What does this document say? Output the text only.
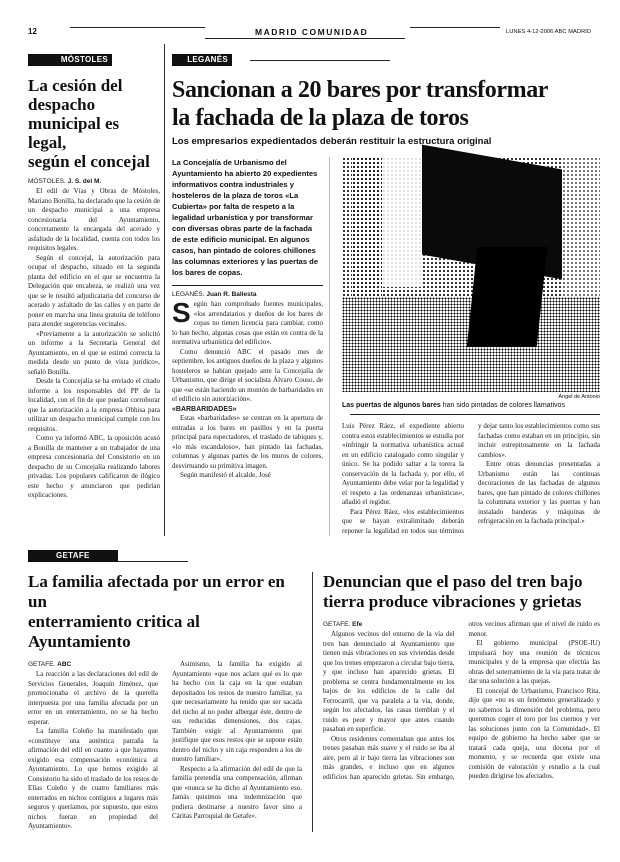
12	MADRID COMUNIDAD	LUNES 4-12-2006 ABC MADRID
MÓSTOLES
La cesión del
despacho
municipal es legal,
según el concejal
MÓSTOLES. J. S. del M.

El edil de Vías y Obras de Móstoles, Mariano Bonilla, ha declarado que la cesión de un despacho municipal a una empresa concesionaria del Ayuntamiento, concretamente la encargada del acerado y asfaltado de la localidad, cuenta con todos los requisitos legales.

Según el concejal, la autorización para ocupar el despacho, situado en la segunda planta del edificio en el que se encuentra la Delegación que encabeza, se realizó una vez que se le resultó adjudicataria del concurso de acerado y asfaltado de las calles y en parte de poner en marcha una línea gratuita de teléfono para atender sugerencias vecinales.

«Previamente a la autorización se solicitó un informe a la Secretaría General del Ayuntamiento, en el que se estimó correcta la medida desde un punto de vista jurídico», señaló Bonilla.

Desde la Concejalía se ha enviado el citado informe a los responsables del PP de la localidad, con el fin de que puedan corroborar que la autorización a la empresa Obhisa para utilizar un despacho municipal cumple con los requisitos.

Como ya informó ABC, la oposición acusó a Bonilla de mantener a un trabajador de una empresa concesionaria del Consistorio en un despacho de su Concejalía realizando labores privadas. Los populares calificaron de ilógico este hecho y anunciaron que pedirían explicaciones.

LEGANÉS
Sancionan a 20 bares por transformar
la fachada de la plaza de toros
Los empresarios expedientados deberán restituir la estructura original
La Concejalía de Urbanismo del Ayuntamiento ha abierto 20 expedientes informativos contra industriales y hosteleros de la plaza de toros «La Cubierta» por falta de respeto a la legalidad urbanística y por transformar con diversas obras parte de la fachada de este edificio municipal. En algunos casos, han pintado de colores chillones las columnas exteriores y las puertas de los bares de copas.
LEGANÉS. Juan R. Ballesta

Según han comprobado fuentes municipales, «los arrendatarios y dueños de los bares de copas no tienen licencia para cambiar, como lo han hecho, algunas cosas que están en contra de la normativa urbanística del edificio».

Como denunció ABC el pasado mes de septiembre, los antiguos dueños de la plaza y algunos hosteleros se habían quejado ante la Concejalía de Urbanismo, que dirige el socialista Álvaro Couso, de que «se están haciendo un montón de barbaridades en el edificio sin autorización».

«BARBARIDADES»

Estas «barbaridades» se centran en la apertura de entradas a los bares en pasillos y en la puerta principal para espectadores, el traslado de tabiques y, «lo más escandaloso», han pintado las fachadas, columnas y algunas partes de los muros de colores, desvirtuando su primitiva imagen.

Según manifestó el alcalde, José

Ángel de Antonio
Las puertas de algunos bares han sido pintadas de colores llamativos

Luis Pérez Ráez, el expediente abierto contra estos establecimientos se estudia por «infringir la normativa urbanística actual en un edificio catalogado como singular y único. Se ha podido saltar a la torera la conservación de la fachada y, por ello, el Ayuntamiento debe velar por la legalidad y el respeto a las ordenanzas urbanísticas», añadió el regidor.

Para Pérez Ráez, «los establecimientos que se hayan extralimitado deberán reponer la legalidad en todos sus términos y dejar tanto los establecimientos como sus fachadas como estaban en un principio, sin incluir estrepitosamente en la fachada cambios».

Entre otras denuncias presentadas a Urbanismo están las continuas decoraciones de las fachadas de algunos bares, que han pintado de colores chillones la columnata exterior y las puertas y han instalado banderas y máquinas de refrigeración en la fachada principal.»

GETAFE
La familia afectada por un error en un
enterramiento critica al Ayuntamiento
GETAFE. ABC

La reacción a las declaraciones del edil de Servicios Generales, Joaquín Jiménez, que promocionaba el archivo de la querella interpuesta por una familia afectada por un error en un enterramiento, no se ha hecho esperar.

La familia Coleño ha manifestado que «constituye una auténtica patraña la afirmación del edil en cuanto a que hayamos exigido esa compensación económica al Ayuntamiento. Lo que hemos exigido al Consistorio ha sido el traslado de los restos de Elías Coleño y de cuatro familiares más enterrados en nichos contiguos a lugares más seguros y queríamos, por supuesto, que estos nichos fueran en propiedad del Ayuntamiento».

Asimismo, la familia ha exigido al Ayuntamiento «que nos aclare qué es lo que ha hecho con la caja en la que estaban depositados los restos de nuestro familiar, ya que necesariamente ha tenido que ser sacada del nicho al no poder albergar éste, dentro de sus reducidas dimensiones, dos cajas. También exigir al Ayuntamiento que justifique que esos restos que se supone están dentro del nicho y sin caja responden a los de nuestro familiar».

Respecto a la afirmación del edil de que la familia pretendía una compensación, afirman que «nunca se ha dicho al Ayuntamiento eso. Jamás quisimos una indemnización que pudiera destinarse a nuestro favor sino a Cáritas Parroquial de Getafe».

Denuncian que el paso del tren bajo
tierra produce vibraciones y grietas
GETAFE. Efe

Algunos vecinos del entorno de la vía del tren han denunciado al Ayuntamiento que tienen más vibraciones en sus viviendas desde que los trenes empezaron a circular bajo tierra, y que incluso han aparecido grietas. El problema se centra fundamentalmente en los bajos de los edificios de la calle del Ferrocarril, que va paralela a la vía, donde, según los afectados, las casas tiemblan y el ruido es peor y mayor que antes cuando pasaban en superficie.

Otros residentes comentaban que antes los trenes pasaban más suave y el ruido se iba al aire, pero al ir bajo tierra las vibraciones son más grandes, e incluso que en algunos edificios han aparecido grietas. Sin embargo, otros vecinos afirman que el nivel de ruido es menor.

El gobierno municipal (PSOE-IU) impulsará hoy una reunión de técnicos municipales y de la empresa que efectúa las obras del soterramiento de la vía para tratar de dar una solución a las quejas.

El concejal de Urbanismo, Francisco Rita, dijo que «no es un fenómeno generalizado y no sabemos la dimensión del problema, pero queremos coger el toro por los cuernos y ver las soluciones junto con la Comunidad». El equipo de gobierno ha hecho saber que se tratará cada queja, una docena por el momento, y se recuerda que existe una comisión de valoración y estudio a la cual pueden dirigirse los afectados.
